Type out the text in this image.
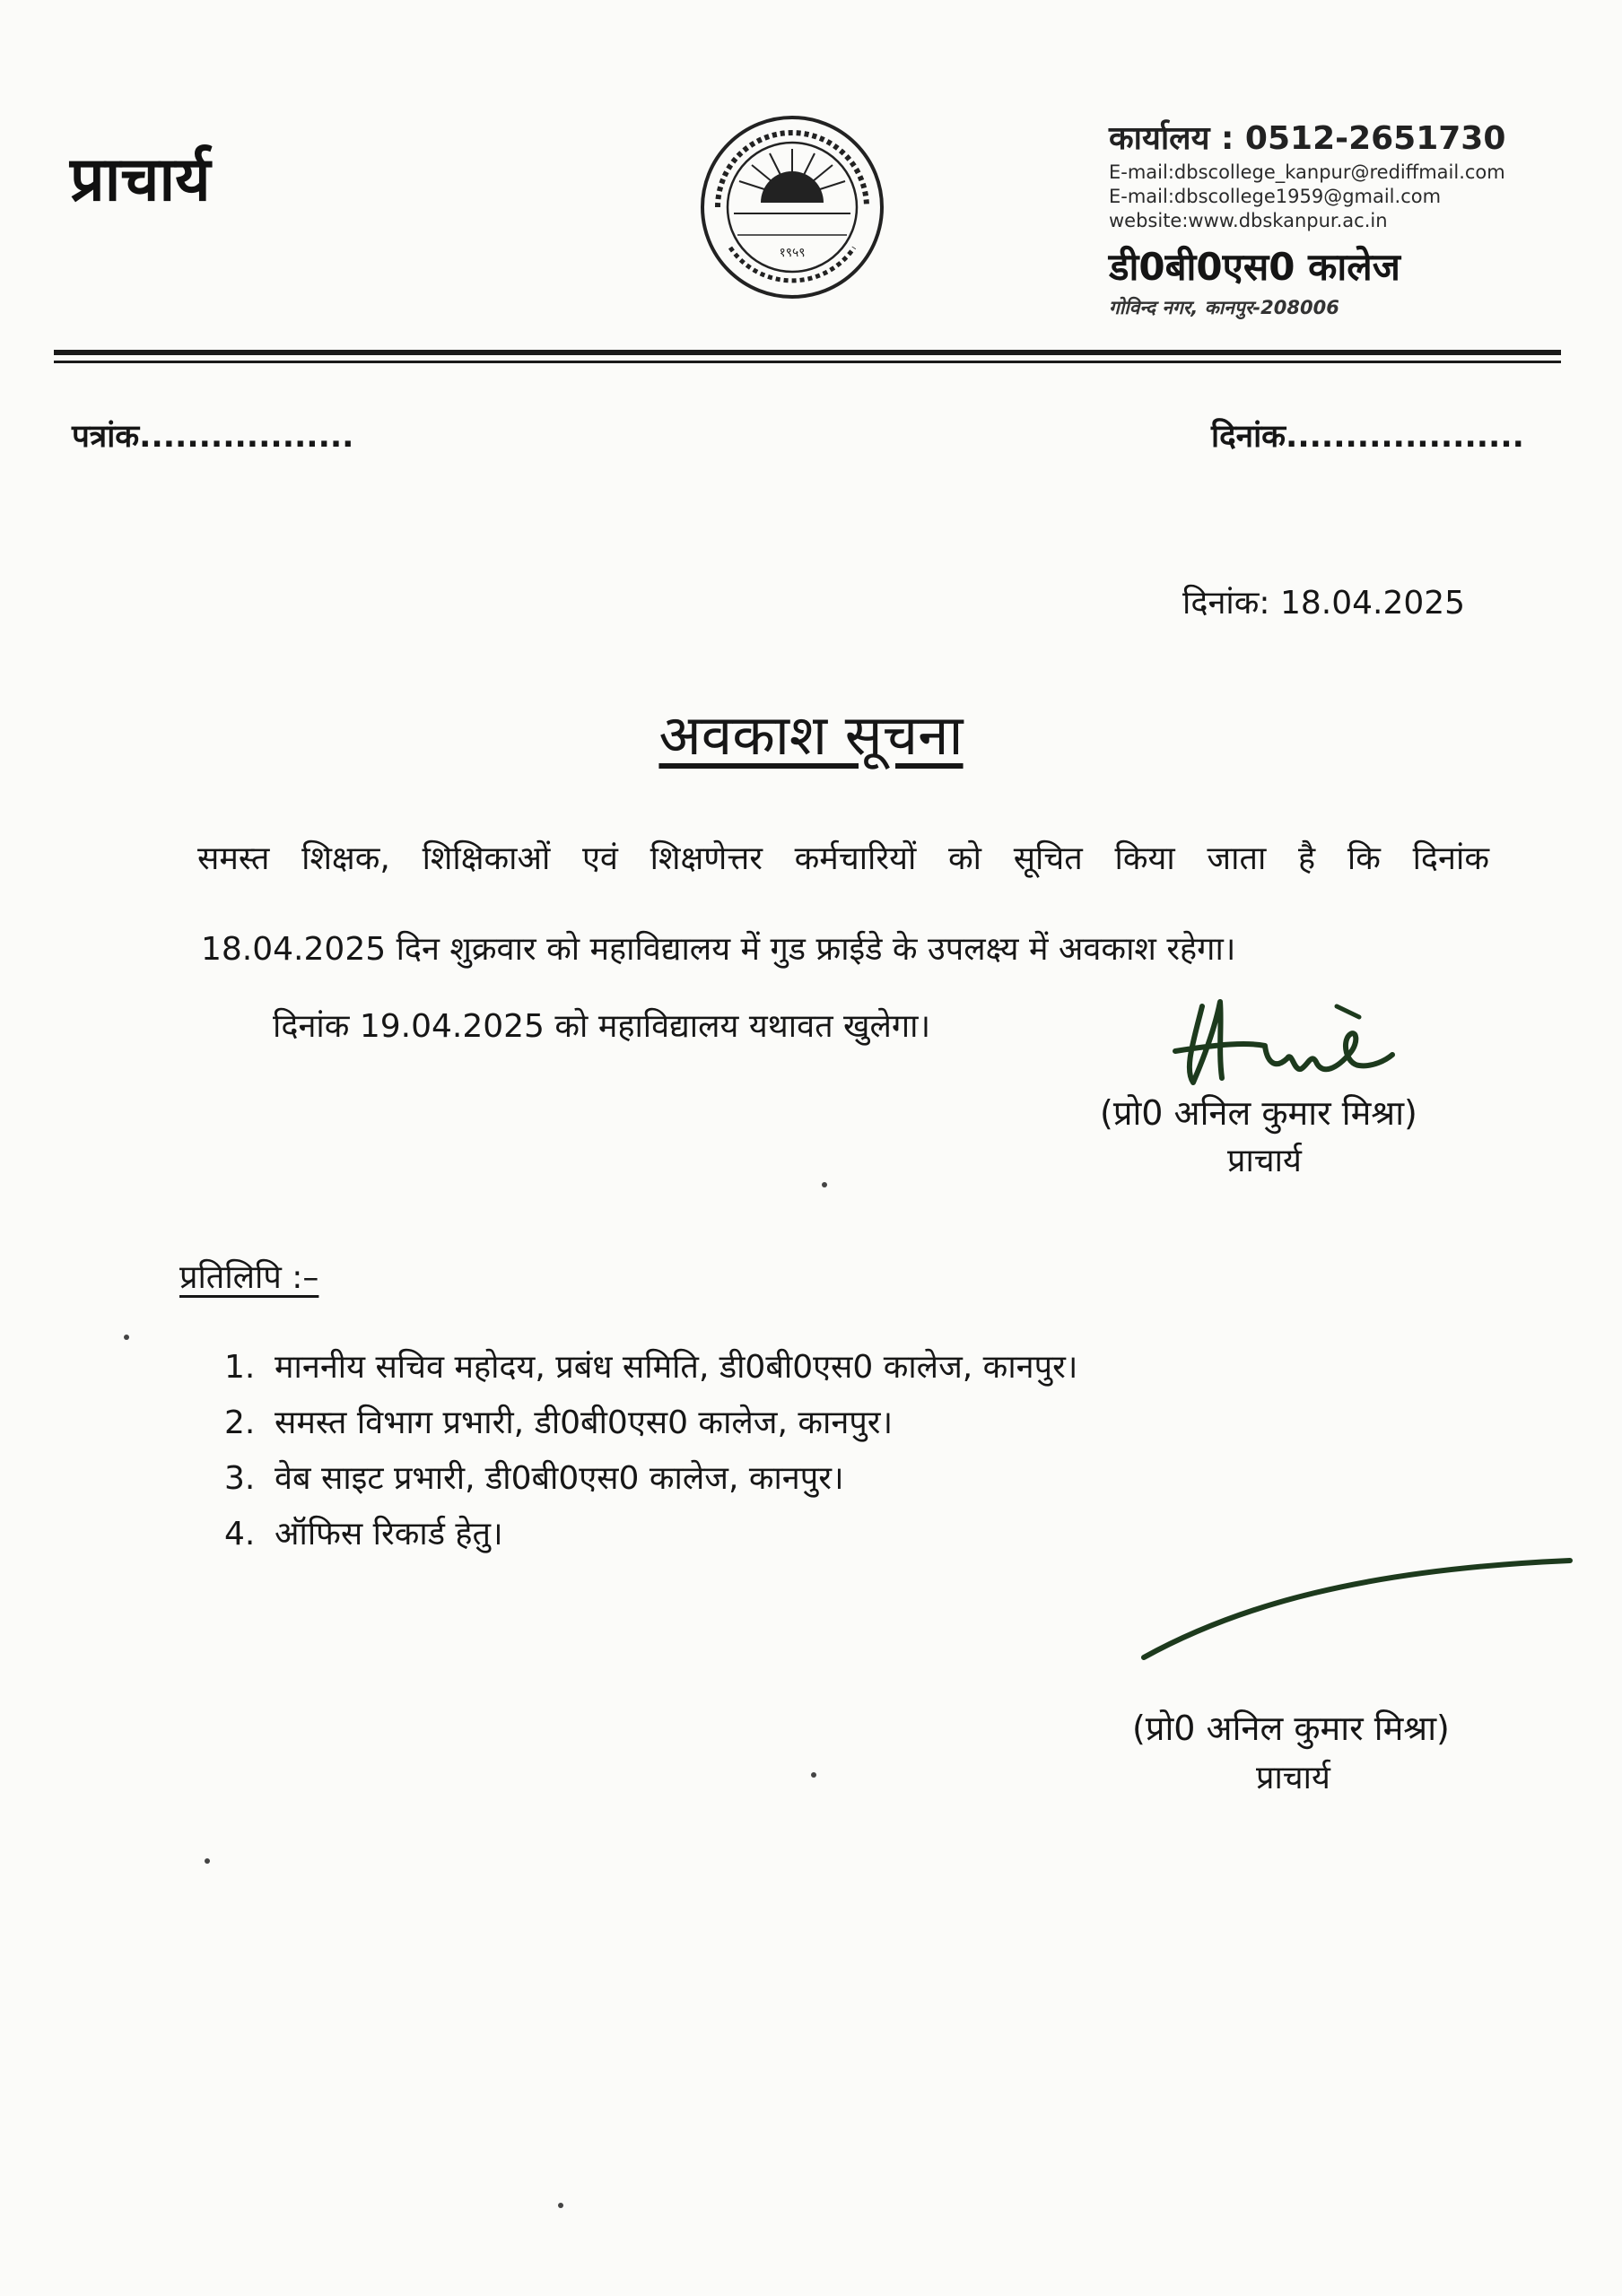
प्राचार्य
१९५९
कार्यालय : 0512-2651730
E-mail:dbscollege_kanpur@rediffmail.com
E-mail:dbscollege1959@gmail.com
website:www.dbskanpur.ac.in
डी0बी0एस0 कालेज
गोविन्द नगर, कानपुर-208006
पत्रांक..................	दिनांक....................
दिनांक: 18.04.2025
अवकाश सूचना

समस्त शिक्षक, शिक्षिकाओं एवं शिक्षणेत्तर कर्मचारियों को सूचित किया जाता है कि दिनांक

18.04.2025 दिन शुक्रवार को महाविद्यालय में गुड फ्राईडे के उपलक्ष्य में अवकाश रहेगा।
दिनांक 19.04.2025 को महाविद्यालय यथावत खुलेगा।
(प्रो0 अनिल कुमार मिश्रा)
प्राचार्य
प्रतिलिपि :–
1. माननीय सचिव महोदय, प्रबंध समिति, डी0बी0एस0 कालेज, कानपुर।
2. समस्त विभाग प्रभारी, डी0बी0एस0 कालेज, कानपुर।
3. वेब साइट प्रभारी, डी0बी0एस0 कालेज, कानपुर।
4. ऑफिस रिकार्ड हेतु।
(प्रो0 अनिल कुमार मिश्रा)
प्राचार्य
